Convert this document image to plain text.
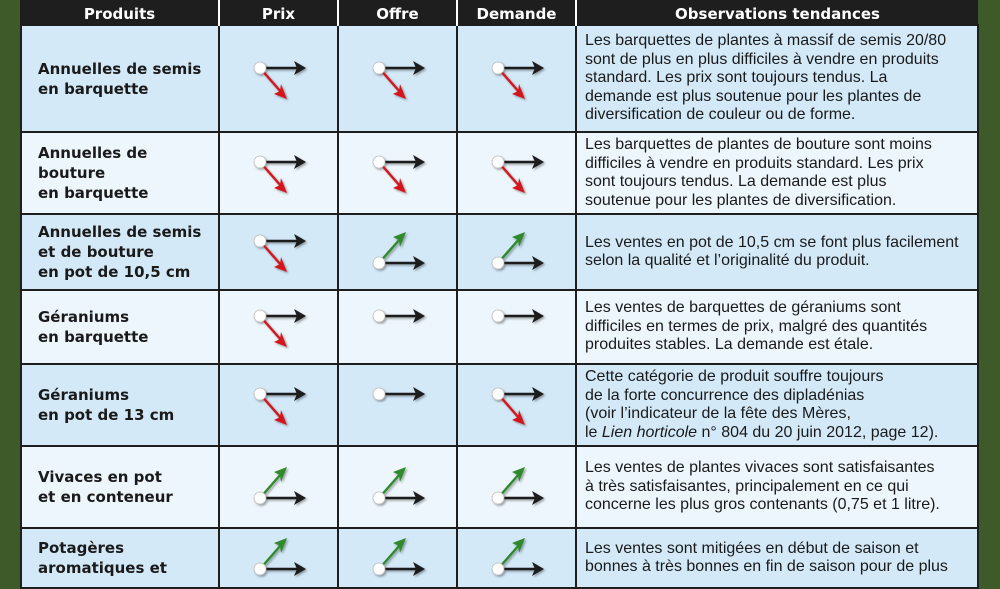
Produits	Prix	Offre	Demande	Observations tendances

Annuelles de semis
en barquette				Les barquettes de plantes à massif de semis 20/80
sont de plus en plus difficiles à vendre en produits
standard. Les prix sont toujours tendus. La
demande est plus soutenue pour les plantes de
diversification de couleur ou de forme.

Annuelles de bouture
en barquette				Les barquettes de plantes de bouture sont moins
difficiles à vendre en produits standard. Les prix
sont toujours tendus. La demande est plus
soutenue pour les plantes de diversification.

Annuelles de semis
et de bouture
en pot de 10,5 cm				Les ventes en pot de 10,5 cm se font plus facilement
selon la qualité et l’originalité du produit.

Géraniums
en barquette				Les ventes de barquettes de géraniums sont
difficiles en termes de prix, malgré des quantités
produites stables. La demande est étale.

Géraniums
en pot de 13 cm				Cette catégorie de produit souffre toujours
de la forte concurrence des dipladénias
(voir l’indicateur de la fête des Mères,
le Lien horticole n° 804 du 20 juin 2012, page 12).

Vivaces en pot
et en conteneur				Les ventes de plantes vivaces sont satisfaisantes
à très satisfaisantes, principalement en ce qui
concerne les plus gros contenants (0,75 et 1 litre).

Potagères
aromatiques et				Les ventes sont mitigées en début de saison et
bonnes à très bonnes en fin de saison pour de plus
